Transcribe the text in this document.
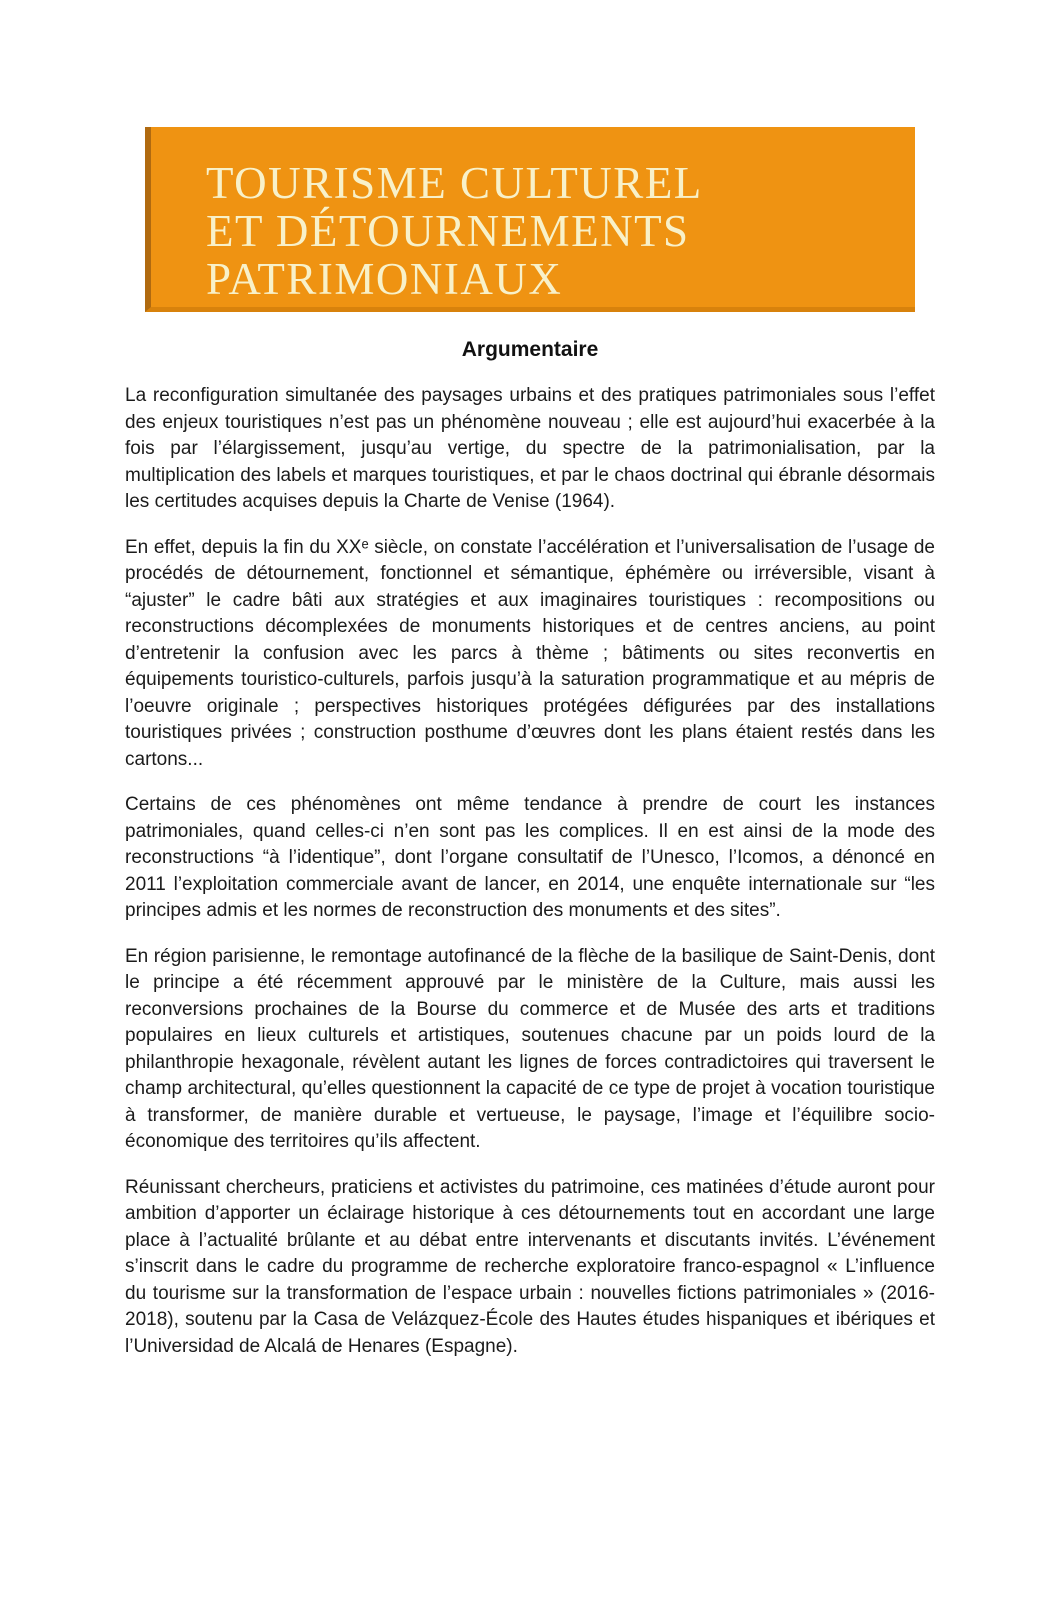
TOURISME CULTUREL
ET DÉTOURNEMENTS
PATRIMONIAUX
Argumentaire

La reconfiguration simultanée des paysages urbains et des pratiques patrimoniales sous l’effet des enjeux touristiques n’est pas un phénomène nouveau ; elle est aujourd’hui exacerbée à la fois par l’élargissement, jusqu’au vertige, du spectre de la patrimonialisation, par la multiplication des labels et marques touristiques, et par le chaos doctrinal qui ébranle désormais les certitudes acquises depuis la Charte de Venise (1964).

En effet, depuis la fin du XXᵉ siècle, on constate l’accélération et l’universalisation de l’usage de procédés de détournement, fonctionnel et sémantique, éphémère ou irréversible, visant à “ajuster” le cadre bâti aux stratégies et aux imaginaires touristiques : recompositions ou reconstructions décomplexées de monuments historiques et de centres anciens, au point d’entretenir la confusion avec les parcs à thème ; bâtiments ou sites reconvertis en équipements touristico-culturels, parfois jusqu’à la saturation programmatique et au mépris de l’oeuvre originale ; perspectives historiques protégées défigurées par des installations touristiques privées ; construction posthume d’œuvres dont les plans étaient restés dans les cartons...

Certains de ces phénomènes ont même tendance à prendre de court les instances patrimoniales, quand celles-ci n’en sont pas les complices. Il en est ainsi de la mode des reconstructions “à l’identique”, dont l’organe consultatif de l’Unesco, l’Icomos, a dénoncé en 2011 l’exploitation commerciale avant de lancer, en 2014, une enquête internationale sur “les principes admis et les normes de reconstruction des monuments et des sites”.

En région parisienne, le remontage autofinancé de la flèche de la basilique de Saint-Denis, dont le principe a été récemment approuvé par le ministère de la Culture, mais aussi les reconversions prochaines de la Bourse du commerce et de Musée des arts et traditions populaires en lieux culturels et artistiques, soutenues chacune par un poids lourd de la philanthropie hexagonale, révèlent autant les lignes de forces contradictoires qui traversent le champ architectural, qu’elles questionnent la capacité de ce type de projet à vocation touristique à transformer, de manière durable et vertueuse, le paysage, l’image et l’équilibre socio-économique des territoires qu’ils affectent.

Réunissant chercheurs, praticiens et activistes du patrimoine, ces matinées d’étude auront pour ambition d’apporter un éclairage historique à ces détournements tout en accordant une large place à l’actualité brûlante et au débat entre intervenants et discutants invités. L’événement s’inscrit dans le cadre du programme de recherche exploratoire franco-espagnol « L’influence du tourisme sur la transformation de l’espace urbain : nouvelles fictions patrimoniales » (2016-2018), soutenu par la Casa de Velázquez-École des Hautes études hispaniques et ibériques et l’Universidad de Alcalá de Henares (Espagne).
